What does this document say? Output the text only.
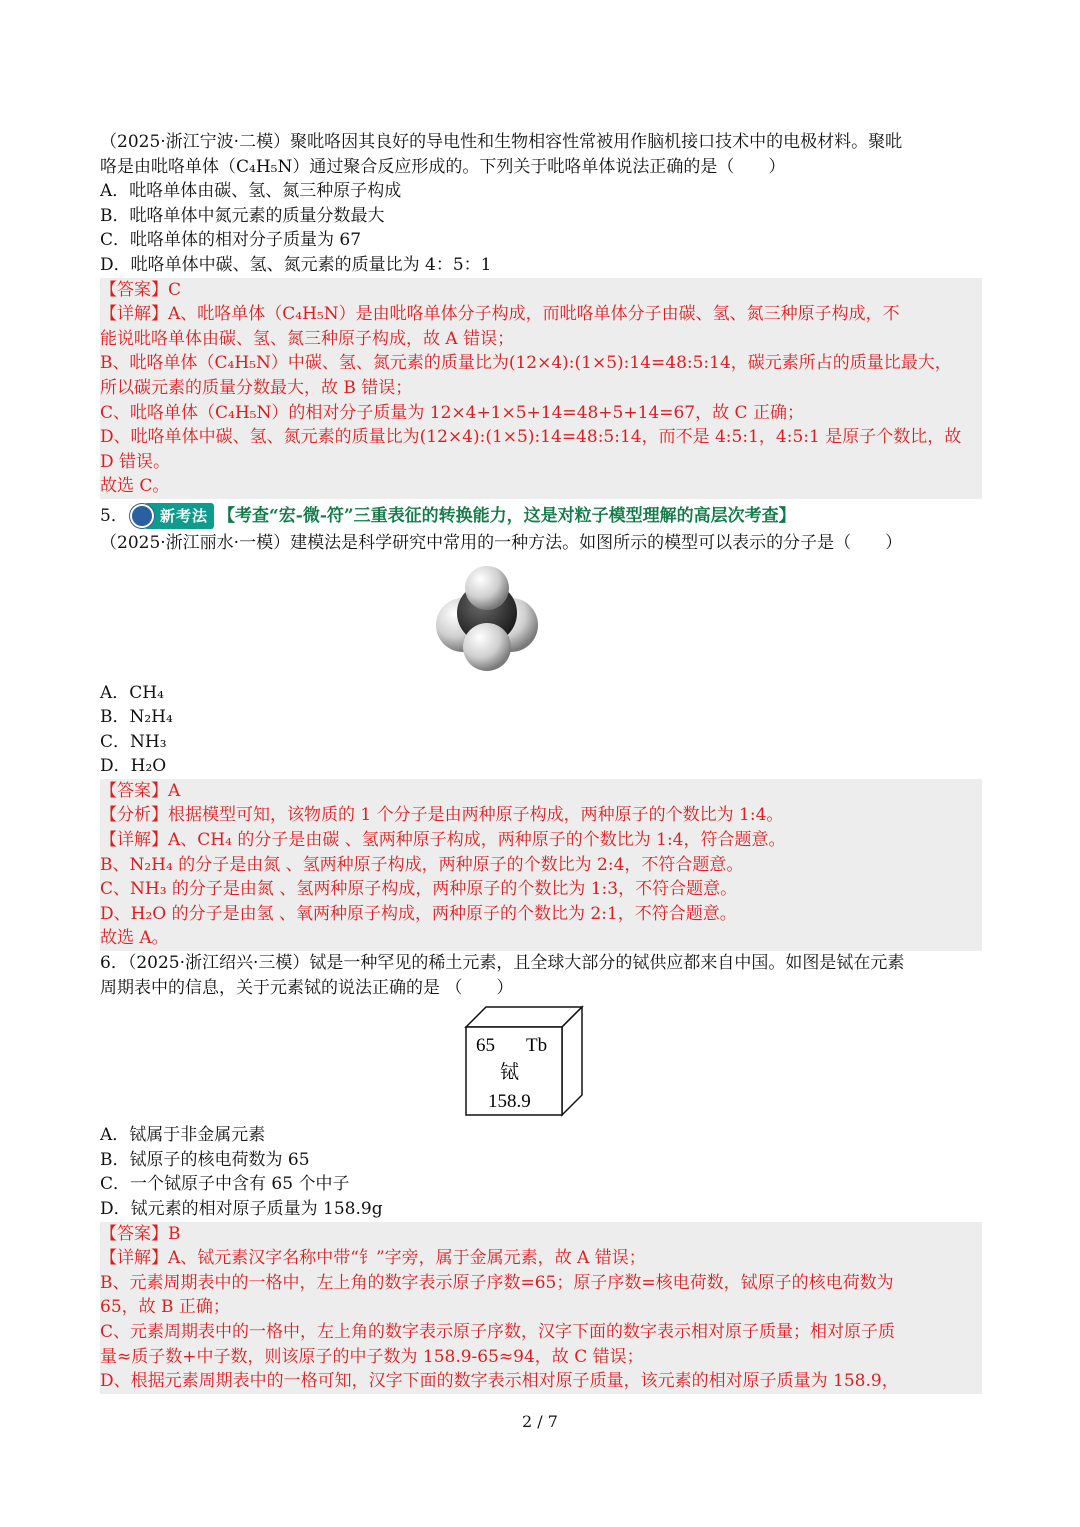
（2025·浙江宁波·二模）聚吡咯因其良好的导电性和生物相容性常被用作脑机接口技术中的电极材料。聚吡
咯是由吡咯单体（C₄H₅N）通过聚合反应形成的。下列关于吡咯单体说法正确的是（　　）
A．吡咯单体由碳、氢、氮三种原子构成
B．吡咯单体中氮元素的质量分数最大
C．吡咯单体的相对分子质量为 67
D．吡咯单体中碳、氢、氮元素的质量比为 4：5：1
【答案】C
【详解】A、吡咯单体（C₄H₅N）是由吡咯单体分子构成，而吡咯单体分子由碳、氢、氮三种原子构成，不
能说吡咯单体由碳、氢、氮三种原子构成，故 A 错误；
B、吡咯单体（C₄H₅N）中碳、氢、氮元素的质量比为(12×4):(1×5):14=48:5:14，碳元素所占的质量比最大，
所以碳元素的质量分数最大，故 B 错误；
C、吡咯单体（C₄H₅N）的相对分子质量为 12×4+1×5+14=48+5+14=67，故 C 正确；
D、吡咯单体中碳、氢、氮元素的质量比为(12×4):(1×5):14=48:5:14，而不是 4:5:1，4:5:1 是原子个数比，故
D 错误。
故选 C。
5．	新考法 【考查“宏-微-符”三重表征的转换能力，这是对粒子模型理解的高层次考查】
（2025·浙江丽水·一模）建模法是科学研究中常用的一种方法。如图所示的模型可以表示的分子是（　　）
A．CH₄
B．N₂H₄
C．NH₃
D．H₂O
【答案】A
【分析】根据模型可知，该物质的 1 个分子是由两种原子构成，两种原子的个数比为 1:4。
【详解】A、CH₄ 的分子是由碳 、氢两种原子构成，两种原子的个数比为 1:4，符合题意。
B、N₂H₄ 的分子是由氮 、氢两种原子构成，两种原子的个数比为 2:4，不符合题意。
C、NH₃ 的分子是由氮 、氢两种原子构成，两种原子的个数比为 1:3，不符合题意。
D、H₂O 的分子是由氢 、氧两种原子构成，两种原子的个数比为 2:1，不符合题意。
故选 A。
6．（2025·浙江绍兴·三模）铽是一种罕见的稀土元素，且全球大部分的铽供应都来自中国。如图是铽在元素
周期表中的信息，关于元素铽的说法正确的是 （　　）
65 Tb
铽
158.9
A．铽属于非金属元素
B．铽原子的核电荷数为 65
C．一个铽原子中含有 65 个中子
D．铽元素的相对原子质量为 158.9g
【答案】B
【详解】A、铽元素汉字名称中带“钅”字旁，属于金属元素，故 A 错误；
B、元素周期表中的一格中，左上角的数字表示原子序数=65；原子序数=核电荷数，铽原子的核电荷数为
65，故 B 正确；
C、元素周期表中的一格中，左上角的数字表示原子序数，汉字下面的数字表示相对原子质量；相对原子质
量≈质子数+中子数，则该原子的中子数为 158.9-65≈94，故 C 错误；
D、根据元素周期表中的一格可知，汉字下面的数字表示相对原子质量，该元素的相对原子质量为 158.9，
2 / 7
